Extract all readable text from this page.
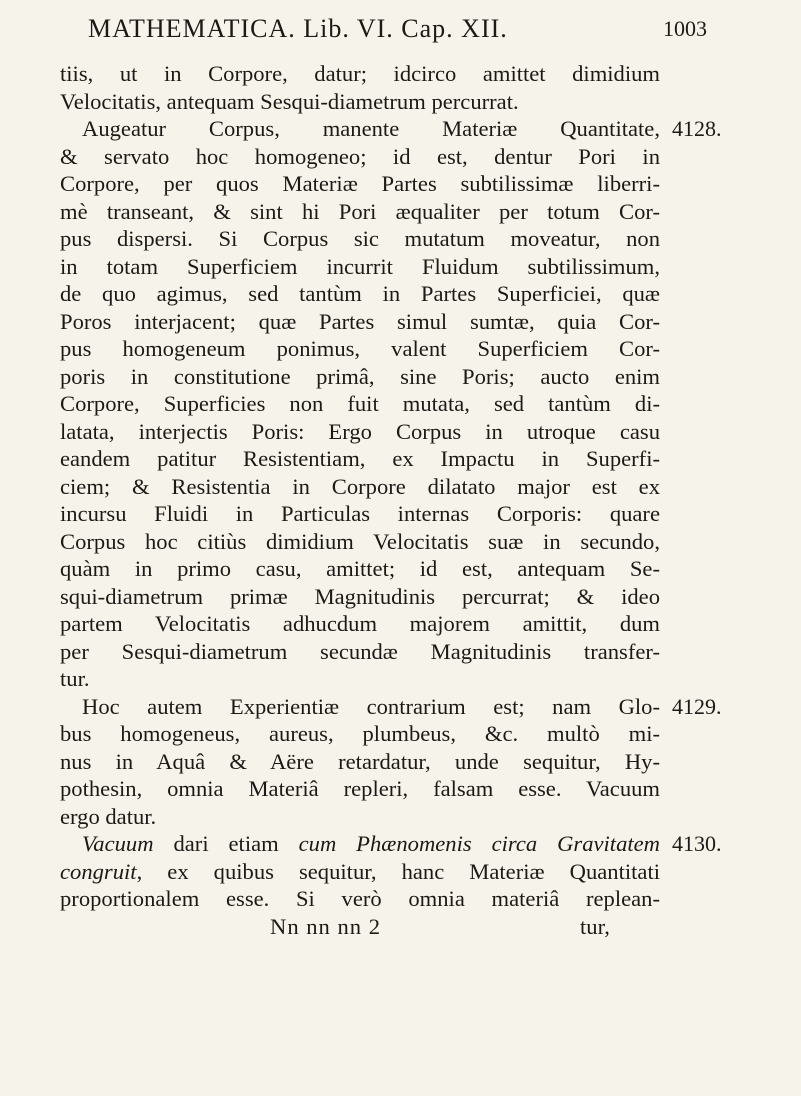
MATHEMATICA. Lib. VI. Cap. XII.	1003
tiis, ut in Corpore, datur; idcirco amittet dimidium
Velocitatis, antequam Sesqui-diametrum percurrat.
Augeatur Corpus, manente Materiæ Quantitate, 4128.
& servato hoc homogeneo; id est, dentur Pori in
Corpore, per quos Materiæ Partes subtilissimæ liberri-
mè transeant, & sint hi Pori æqualiter per totum Cor-
pus dispersi. Si Corpus sic mutatum moveatur, non
in totam Superficiem incurrit Fluidum subtilissimum,
de quo agimus, sed tantùm in Partes Superficiei, quæ
Poros interjacent; quæ Partes simul sumtæ, quia Cor-
pus homogeneum ponimus, valent Superficiem Cor-
poris in constitutione primâ, sine Poris; aucto enim
Corpore, Superficies non fuit mutata, sed tantùm di-
latata, interjectis Poris: Ergo Corpus in utroque casu
eandem patitur Resistentiam, ex Impactu in Superfi-
ciem; & Resistentia in Corpore dilatato major est ex
incursu Fluidi in Particulas internas Corporis: quare
Corpus hoc citiùs dimidium Velocitatis suæ in secundo,
quàm in primo casu, amittet; id est, antequam Se-
squi-diametrum primæ Magnitudinis percurrat; & ideo
partem Velocitatis adhucdum majorem amittit, dum
per Sesqui-diametrum secundæ Magnitudinis transfer-
tur.
Hoc autem Experientiæ contrarium est; nam Glo- 4129.
bus homogeneus, aureus, plumbeus, &c. multò mi-
nus in Aquâ & Aëre retardatur, unde sequitur, Hy-
pothesin, omnia Materiâ repleri, falsam esse. Vacuum
ergo datur.
Vacuum dari etiam cum Phænomenis circa Gravitatem 4130.
congruit, ex quibus sequitur, hanc Materiæ Quantitati
proportionalem esse. Si verò omnia materiâ replean-
Nn nn nn 2	tur,
